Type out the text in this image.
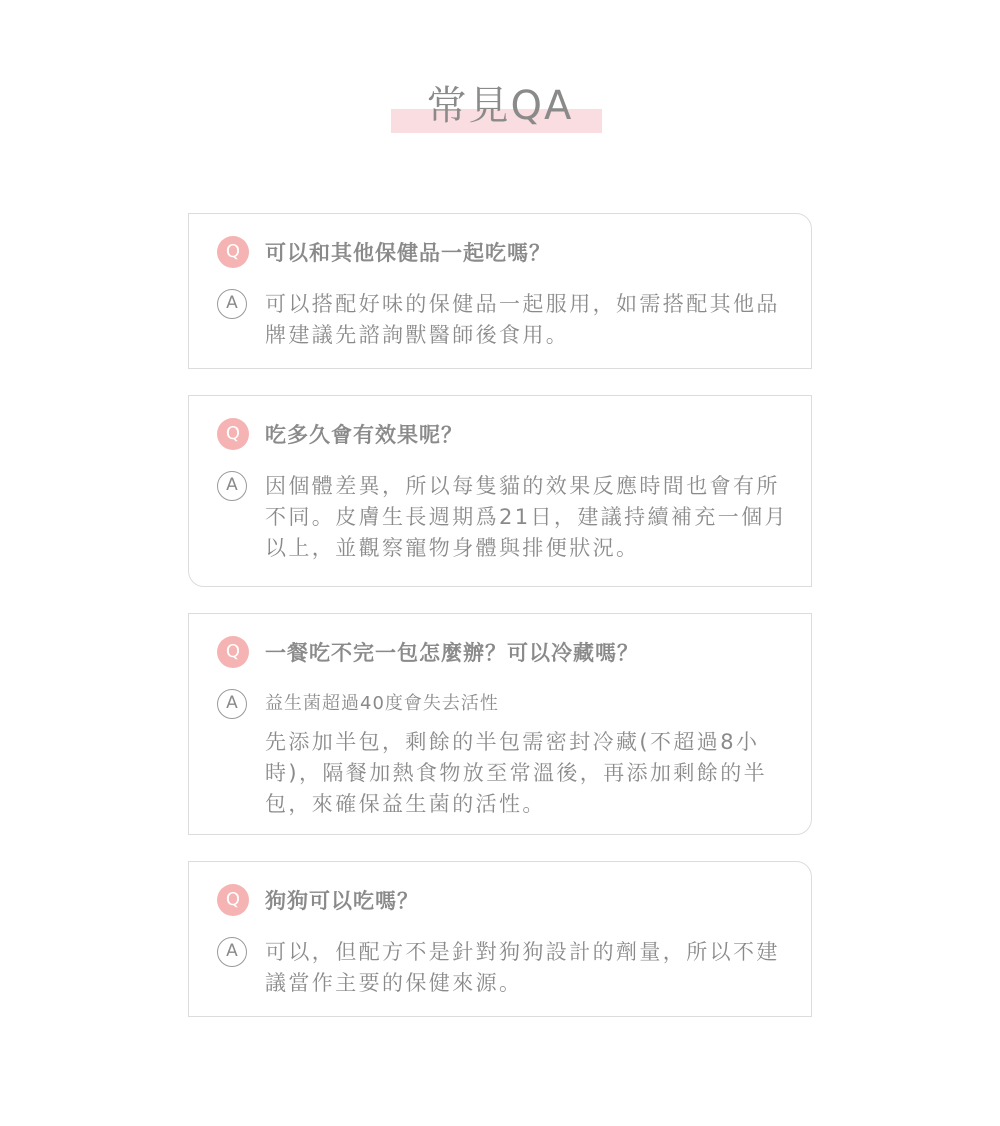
常見QA
Q	可以和其他保健品一起吃嗎？
A	可以搭配好味的保健品一起服用，如需搭配其他品牌建議先諮詢獸醫師後食用。

Q	吃多久會有效果呢？
A	因個體差異，所以每隻貓的效果反應時間也會有所不同。皮膚生長週期爲21日，建議持續補充一個月以上，並觀察寵物身體與排便狀況。

Q	一餐吃不完一包怎麼辦？可以冷藏嗎？
A	益生菌超過40度會失去活性

先添加半包，剩餘的半包需密封冷藏(不超過8小時)，隔餐加熱食物放至常溫後，再添加剩餘的半包，來確保益生菌的活性。

Q	狗狗可以吃嗎？
A	可以，但配方不是針對狗狗設計的劑量，所以不建議當作主要的保健來源。
